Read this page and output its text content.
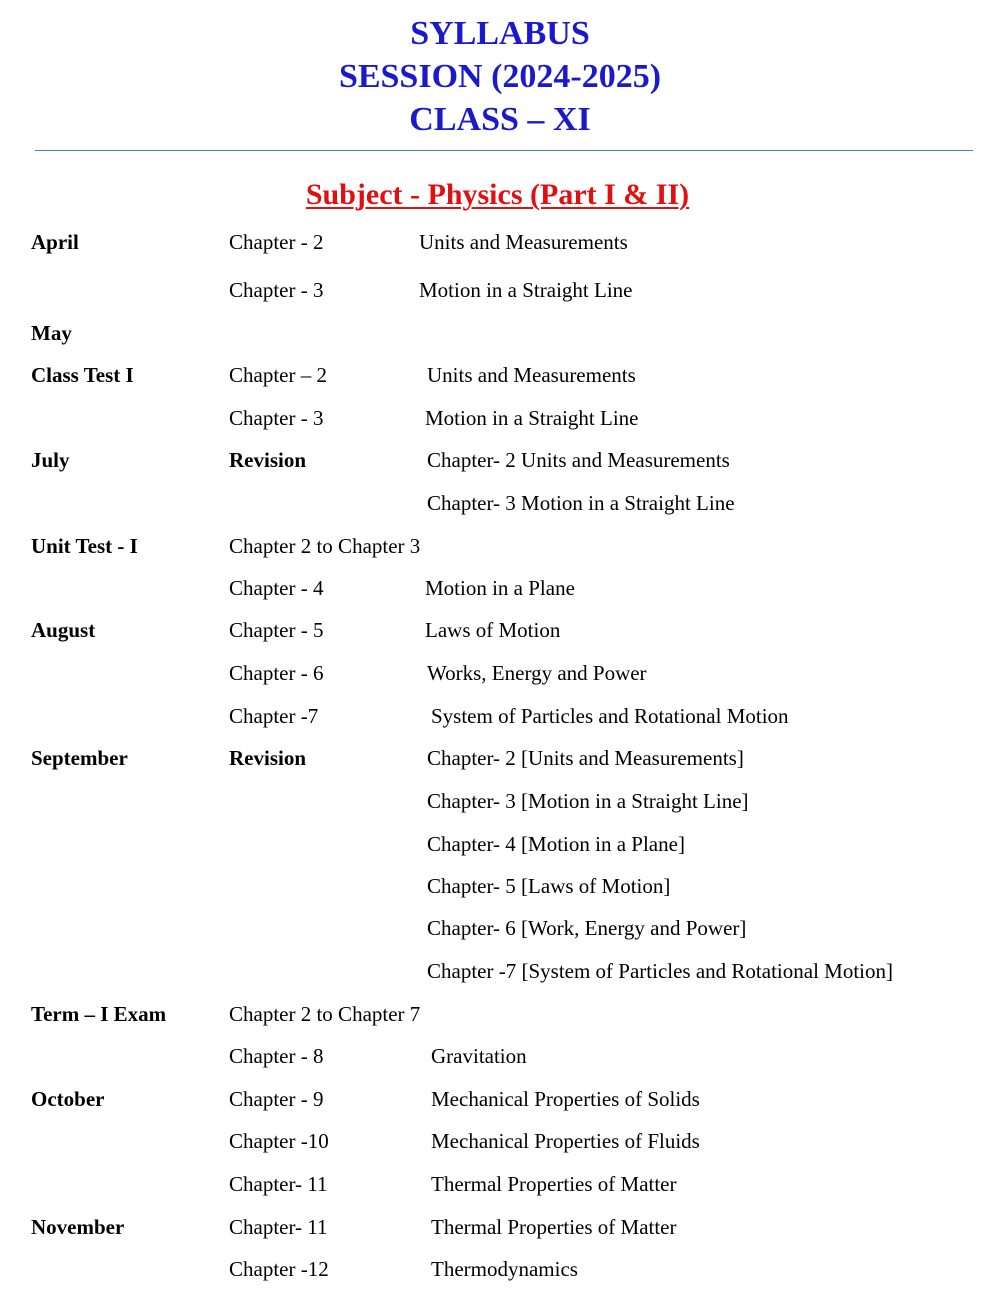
SYLLABUS
SESSION (2024-2025)
CLASS – XI
Subject - Physics (Part I & II)
April	Chapter - 2	Units and Measurements
Chapter - 3	Motion in a Straight Line
May
Class Test I	Chapter – 2	Units and Measurements
Chapter - 3	Motion in a Straight Line
July	Revision	Chapter- 2 Units and Measurements
Chapter- 3 Motion in a Straight Line
Unit Test - I	Chapter 2 to Chapter 3
Chapter - 4	Motion in a Plane
August	Chapter - 5	Laws of Motion
Chapter - 6	Works, Energy and Power
Chapter -7	System of Particles and Rotational Motion
September	Revision	Chapter- 2 [Units and Measurements]
Chapter- 3 [Motion in a Straight Line]
Chapter- 4 [Motion in a Plane]
Chapter- 5 [Laws of Motion]
Chapter- 6 [Work, Energy and Power]
Chapter -7 [System of Particles and Rotational Motion]
Term – I Exam	Chapter 2 to Chapter 7
Chapter - 8	Gravitation
October	Chapter - 9	Mechanical Properties of Solids
Chapter -10	Mechanical Properties of Fluids
Chapter- 11	Thermal Properties of Matter
November	Chapter- 11	Thermal Properties of Matter
Chapter -12	Thermodynamics
